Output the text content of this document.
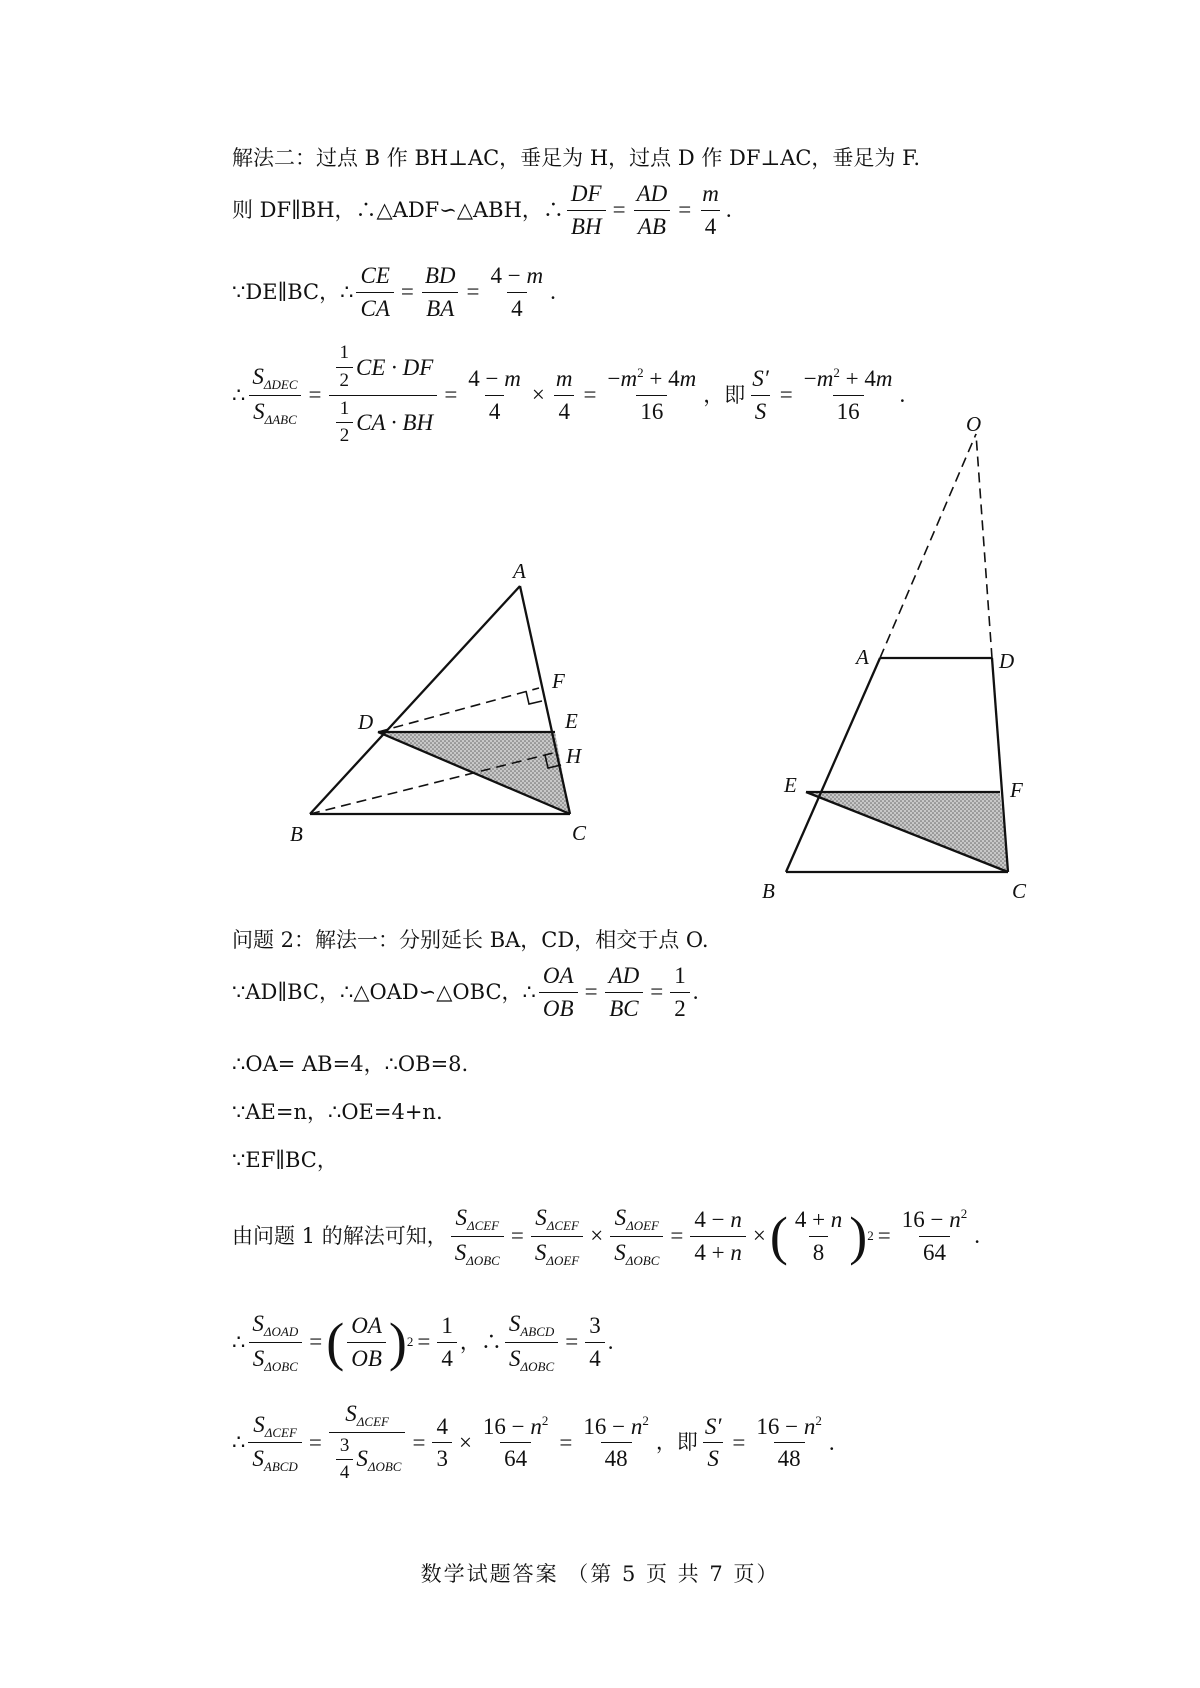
解法二：过点 B 作 BH⊥AC，垂足为 H，过点 D 作 DF⊥AC，垂足为 F.
则 DF∥BH，∴△ADF∽△ABH，∴ $\frac{DF}{BH} = \frac{AD}{AB} = \frac{m}{4}$ .
∵DE∥BC，∴ $\frac{CE}{CA} = \frac{BD}{BA} = \frac{4 - m}{4}$ .
∴ $\frac{S_{\Delta DEC}}{S_{\Delta ABC}} = \frac{\frac{1}{2} CE \cdot DF}{\frac{1}{2} CA \cdot BH} = \frac{4 - m}{4} \times \frac{m}{4} = \frac{-m^2 + 4m}{16}$ ，即 $\frac{S'}{S} = \frac{-m^2 + 4m}{16}$ .
A
B	C
D	E
F
H
O
A	D
E	F
B	C
问题 2：解法一：分别延长 BA，CD，相交于点 O.
∵AD∥BC，∴△OAD∽△OBC，∴ $\frac{OA}{OB} = \frac{AD}{BC} = \frac{1}{2}$ .
∴OA= AB=4，∴OB=8.
∵AE=n，∴OE=4+n.
∵EF∥BC，
由问题 1 的解法可知， $\frac{S_{\Delta CEF}}{S_{\Delta OBC}} = \frac{S_{\Delta CEF}}{S_{\Delta OEF}} \times \frac{S_{\Delta OEF}}{S_{\Delta OBC}} = \frac{4 - n}{4 + n}$ × ( $\frac{4 + n}{8}$ ) $2 = \frac{16 - n^2}{64}$ .
∴ $\frac{S_{\Delta OAD}}{S_{\Delta OBC}}$ = ( $\frac{OA}{OB}$ ) $2 = \frac{1}{4}$ ，∴ $\frac{S_{ABCD}}{S_{\Delta OBC}} = \frac{3}{4}$ .
∴ $\frac{S_{\Delta CEF}}{S_{ABCD}} = \frac{S_{\Delta CEF}}{\frac{3}{4} S_{\Delta OBC}} = \frac{4}{3} \times \frac{16 - n^2}{64} = \frac{16 - n^2}{48}$ ，即 $\frac{S'}{S} = \frac{16 - n^2}{48}$ .
数学试题答案 （第 5 页 共 7 页）
